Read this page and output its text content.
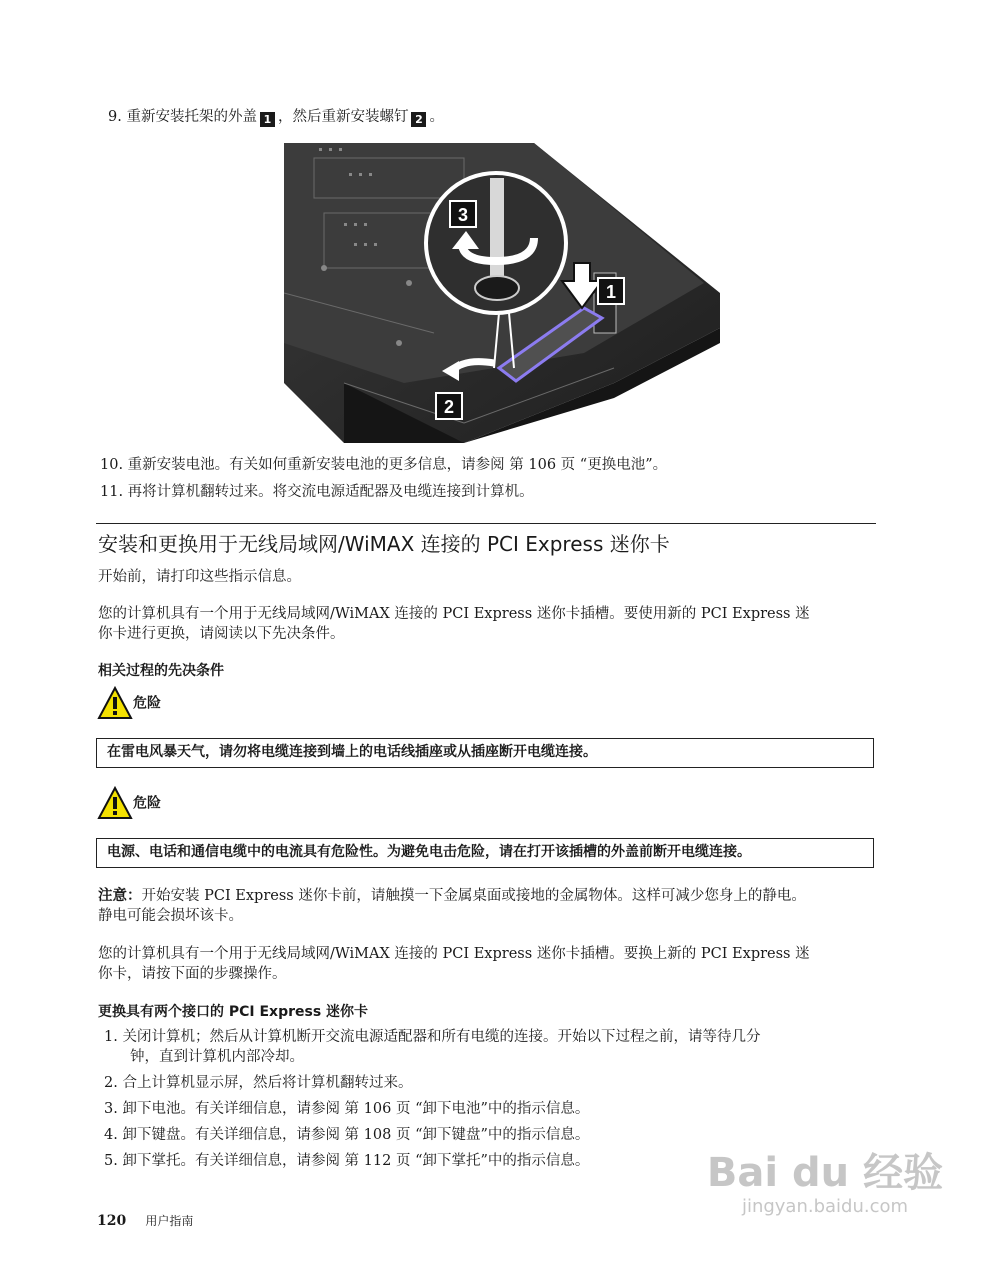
9. 重新安装托架的外盖 1 ，然后重新安装螺钉 2 。
3
1
2
10. 重新安装电池。有关如何重新安装电池的更多信息，请参阅 第 106 页 “更换电池”。
11. 再将计算机翻转过来。将交流电源适配器及电缆连接到计算机。
安装和更换用于无线局域网/WiMAX 连接的 PCI Express 迷你卡
开始前，请打印这些指示信息。
您的计算机具有一个用于无线局域网/WiMAX 连接的 PCI Express 迷你卡插槽。要使用新的 PCI Express 迷
你卡进行更换，请阅读以下先决条件。
相关过程的先决条件
危险
在雷电风暴天气，请勿将电缆连接到墙上的电话线插座或从插座断开电缆连接。
危险
电源、电话和通信电缆中的电流具有危险性。为避免电击危险，请在打开该插槽的外盖前断开电缆连接。
注意：开始安装 PCI Express 迷你卡前，请触摸一下金属桌面或接地的金属物体。这样可减少您身上的静电。
静电可能会损坏该卡。
您的计算机具有一个用于无线局域网/WiMAX 连接的 PCI Express 迷你卡插槽。要换上新的 PCI Express 迷
你卡，请按下面的步骤操作。
更换具有两个接口的 PCI Express 迷你卡
1. 关闭计算机；然后从计算机断开交流电源适配器和所有电缆的连接。开始以下过程之前，请等待几分
钟，直到计算机内部冷却。
2. 合上计算机显示屏，然后将计算机翻转过来。
3. 卸下电池。有关详细信息，请参阅 第 106 页 “卸下电池”中的指示信息。
4. 卸下键盘。有关详细信息，请参阅 第 108 页 “卸下键盘”中的指示信息。
5. 卸下掌托。有关详细信息，请参阅 第 112 页 “卸下掌托”中的指示信息。
120 用户指南
Bai du 经验
jingyan.baidu.com
